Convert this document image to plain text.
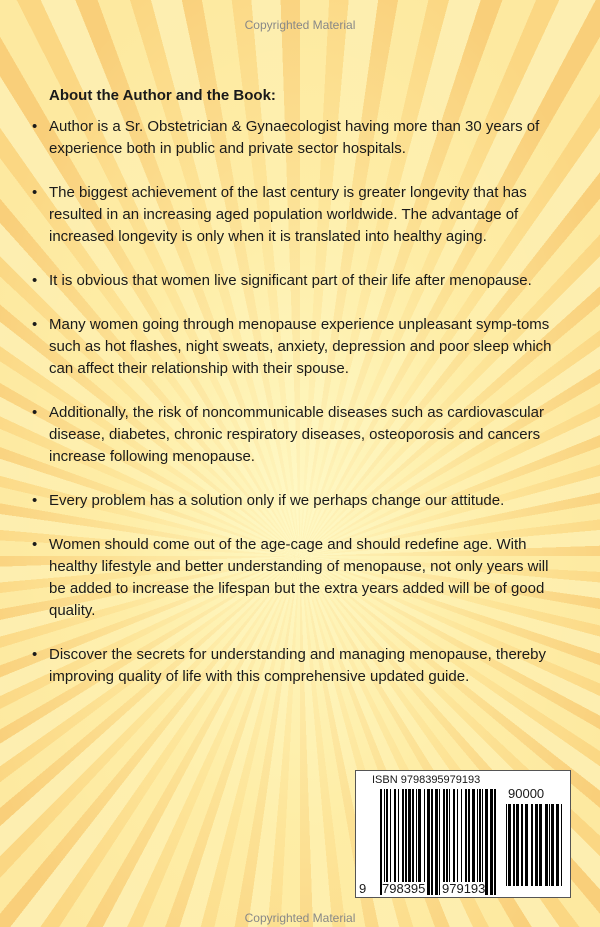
Copyrighted Material
About the Author and the Book:
• Author is a Sr. Obstetrician & Gynaecologist having more than 30 years of experience both in public and private sector hospitals.
• The biggest achievement of the last century is greater longevity that has resulted in an increasing aged population worldwide. The advantage of increased longevity is only when it is translated into healthy aging.
• It is obvious that women live significant part of their life after menopause.
• Many women going through menopause experience unpleasant symp-toms such as hot flashes, night sweats, anxiety, depression and poor sleep which can affect their relationship with their spouse.
• Additionally, the risk of noncommunicable diseases such as cardiovascular disease, diabetes, chronic respiratory diseases, osteoporosis and cancers increase following menopause.
• Every problem has a solution only if we perhaps change our attitude.
• Women should come out of the age-cage and should redefine age. With healthy lifestyle and better understanding of menopause, not only years will be added to increase the lifespan but the extra years added will be of good quality.
• Discover the secrets for understanding and managing menopause, thereby improving quality of life with this comprehensive updated guide.
ISBN 9798395979193
90000
9 798395 979193
Copyrighted Material
